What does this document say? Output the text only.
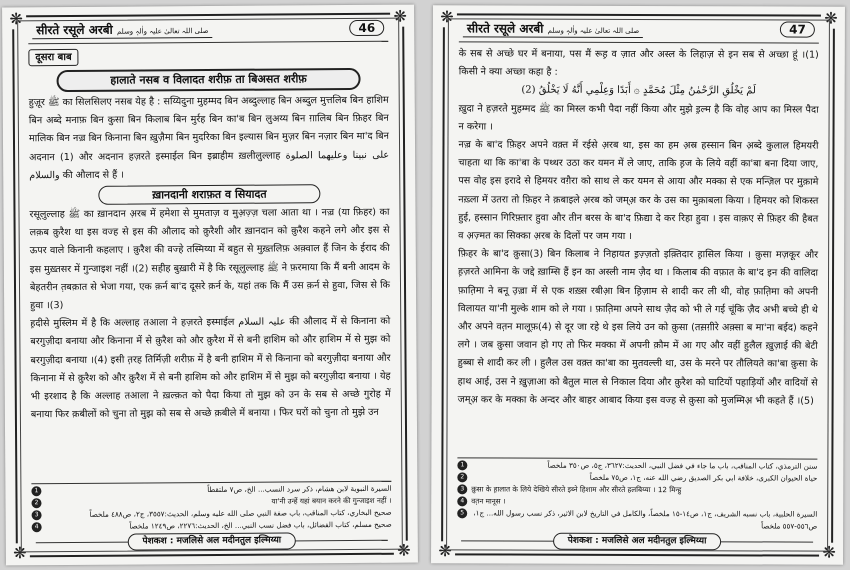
❋	❋
❋	❋
सीरते रसूले अरबी صلی اللہ تعالیٰ علیہ واٰلہٖ وسلم	46
दूसरा बाब
हालाते नसब व विलादत शरीफ़ ता बिअसत शरीफ़

हुज़ूर ﷺ का सिलसिलए नसब येह है : सय्यिदुना मुहम्मद बिन अब्दुल्लाह बिन अब्दुल मुत्तलिब बिन हाशिम बिन अब्दे मनाफ़ बिन कुसा बिन किलाब बिन मुर्रह बिन का'ब बिन लुअय्य बिन ग़ालिब बिन फ़िहर बिन मालिक बिन नज़्र बिन किनाना बिन ख़ुज़ैमा बिन मुदरिका बिन इल्यास बिन मुज़र बिन नज़ार बिन मा'द बिन अदनान (1) और अदनान हज़रते इस्माईल बिन इब्राहीम ख़लीलुल्लाह على نبينا وعليهما الصلوة والسلام की औलाद से हैं ।

ख़ानदानी शराफ़त व सियादत

रसूलुल्लाह ﷺ का ख़ानदान अ़रब में हमेशा से मुमताज़ व मुअ़ज़्ज़ चला आता था । नज़्र (या फ़िहर) का लक़ब क़ुरैश था इस वज्ह से इस की औलाद को क़ुरैशी और ख़ानदान को क़ुरैश कहने लगे और इस से ऊपर वाले किनानी कहलाए । क़ुरैश की वज्हे तस्मिय्या में बहुत से मुख़्तलिफ़ अक़्वाल हैं जिन के ईराद की इस मुख़्तसर में गुन्जाइश नहीं ।(2) सहीह बुख़ारी में है कि रसूलुल्लाह ﷺ ने फ़रमाया कि मैं बनी आदम के बेहतरीन त़बक़ात से भेजा गया, एक क़र्न बा'द दूसरे क़र्न के, यहां तक कि मैं उस क़र्न से हुवा, जिस से कि हुवा ।(3)

ह़दीसे मुस्लिम में है कि अल्लाह तआला ने हज़रते इस्माईल علیہ السلام की औलाद में से किनाना को बरगुज़ीदा बनाया और किनाना में से क़ुरैश को और क़ुरैश में से बनी हाशिम को और हाशिम में से मुझ को बरगुज़ीदा बनाया ।(4) इसी त़रह तिर्मिज़ी शरीफ़ में है बनी हाशिम में से किनाना को बरगुज़ीदा बनाया और किनाना में से क़ुरैश को और क़ुरैश में से बनी हाशिम को और हाशिम में से मुझ को बरगुज़ीदा बनाया । येह भी इरशाद है कि अल्लाह तआला ने ख़ल्क़त को पैदा किया तो मुझ को उन के सब से अच्छे गुरोह में बनाया फिर क़बीलों को चुना तो मुझ को सब से अच्छे क़बीले में बनाया । फिर घरों को चुना तो मुझे उन

1	السيرة النبوية لابن هشام، ذكر سرد النسب... الخ، ص٧ ملتقطاً
2	या'नी उन्हें यहां बयान करने की गुन्जाइश नहीं ।
3	صحيح البخاري، كتاب المناقب، باب صفة النبي صلى الله عليه وسلم، الحديث:٣٥٥٧، ج٢، ص٤٨٨ ملخصاً
4	صحيح مسلم، كتاب الفضائل، باب فضل نسب النبي... الخ، الحديث:٢٢٧٦، ص١٢٤٩ ملخصاً
पेशकश : मजलिसे अल मदीनतुल इल्मिय्या
❋	❋
❋	❋
सीरते रसूले अरबी صلی اللہ تعالیٰ علیہ واٰلہٖ وسلم	47

के सब से अच्छे घर में बनाया, पस मैं रूह़ व ज़ात और अस्ल के लिहाज़ से इन सब से अच्छा हूं ।(1) किसी ने क्या अच्छा कहा है :

لَمْ يَخْلُقِ الرَّحْمٰنُ مِثْلَ مُحَمَّدٍ ۞ أَبَدًا وَعِلْمِي أَنَّهُ لَا يَخْلُقُ (2)

ख़ुदा ने हज़रते मुहम्मद ﷺ का मिस्ल कभी पैदा नहीं किया और मुझे इ़ल्म है कि वोह आप का मिस्ल पैदा न करेगा ।

नज़्र के बा'द फ़िहर अपने वक़्त में रईसे अ़रब था, इस का हम अ़स्र हस्सान बिन अ़ब्दे कुलाल हिमयरी चाहता था कि का'बा के पथ्थर उठा कर यमन में ले जाए, ताकि ह़ज के लिये वहीं का'बा बना दिया जाए, पस वोह इस इरादे से हिमयर वग़ैरा को साथ ले कर यमन से आया और मक्का से एक मन्ज़िल पर मुक़ामे नख़्ला में उतरा तो फ़िहर ने क़बाइले अ़रब को जम्अ़ कर के उस का मुक़ाबला किया । हिमयर को शिकस्त हुई, हस्सान गिरिफ़्तार हुवा और तीन बरस के बा'द फ़िद्या दे कर रिहा हुवा । इस वाक़ए से फ़िहर की हैबत व अ़ज़्मत का सिक्का अ़रब के दिलों पर जम गया ।

फ़िहर के बा'द क़ुसा(3) बिन किलाब ने निहायत इ़ज़्ज़तो इक़्तिदार ह़ासिल किया । क़ुसा मज़कूर और ह़ज़रते आमिना के जद्दे ख़ाम्सि हैं इन का अस्ली नाम ज़ैद था । किलाब की वफ़ात के बा'द इन की वालिदा फ़ात़िमा ने बनू उ़ज़्रा में से एक शख़्स रबीआ़ बिन ह़िज़ाम से शादी कर ली थी, वोह फ़ात़िमा को अपनी विलायत या'नी मुल्के शाम को ले गया । फ़ात़िमा अपने साथ ज़ैद को भी ले गई चूंकि ज़ैद अभी बच्चे ही थे और अपने वत़न मालूफ़(4) से दूर जा रहे थे इस लिये उन को क़ुसा (तस़ग़ीरे अक़्सा ब मा'ना बईद) कहने लगे । जब क़ुसा जवान हो गए तो फिर मक्का में अपनी क़ौम में आ गए और वहीं हुलैल ख़ुज़ाई की बेटी ह़ुब्बा से शादी कर ली । हुलैल उस वक़्त का'बा का मुतवल्ली था, उस के मरने पर तौलियते का'बा क़ुसा के हाथ आई, उस ने ख़ुज़ाआ को बैतुल माल से निकाल दिया और क़ुरैश को घाटियों पहाड़ियों और वादियों से जम्अ़ कर के मक्का के अन्दर और बाहर आबाद किया इस वज्ह से क़ुसा को मुजम्मिअ़ भी कहते हैं ।(5)

1	سنن الترمذي، كتاب المناقب، باب ما جاء في فضل النبي، الحديث:٣٦٢٧، ج٥، ص٣٥٠ ملخصاً
2	حياة الحيوان الكبرى، خلافة ابي بكر الصديق رضي الله عنه، ج١، ص٧٥ ملخصاً
3 क़ुसा के ह़ालात के लिये देखिये सीरते इब्ने हिशाम और सीरते हलबिय्या । 12 मिन्हु
4 वत़न मानूस ।
5	السيرة الحلبية، باب نسبه الشريف، ج١، ص١٤-١٥ ملخصاً، والكامل في التاريخ لابن الاثير، ذكر نسب رسول الله... ج١، ص٥٥٦-٥٥٧ ملخصاً
पेशकश : मजलिसे अल मदीनतुल इल्मिय्या
